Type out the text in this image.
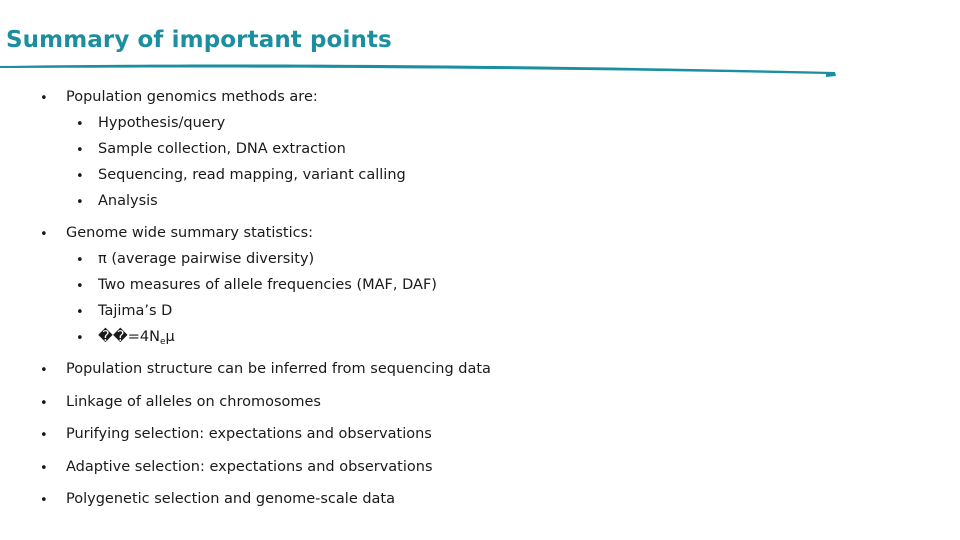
Summary of important points
• Population genomics methods are:
• Hypothesis/query
• Sample collection, DNA extraction
• Sequencing, read mapping, variant calling
• Analysis
• Genome wide summary statistics:
• π (average pairwise diversity)
• Two measures of allele frequencies (MAF, DAF)
• Tajima’s D
• $��=4N_e\mu$
• Population structure can be inferred from sequencing data
• Linkage of alleles on chromosomes
• Purifying selection: expectations and observations
• Adaptive selection: expectations and observations
• Polygenetic selection and genome-scale data
